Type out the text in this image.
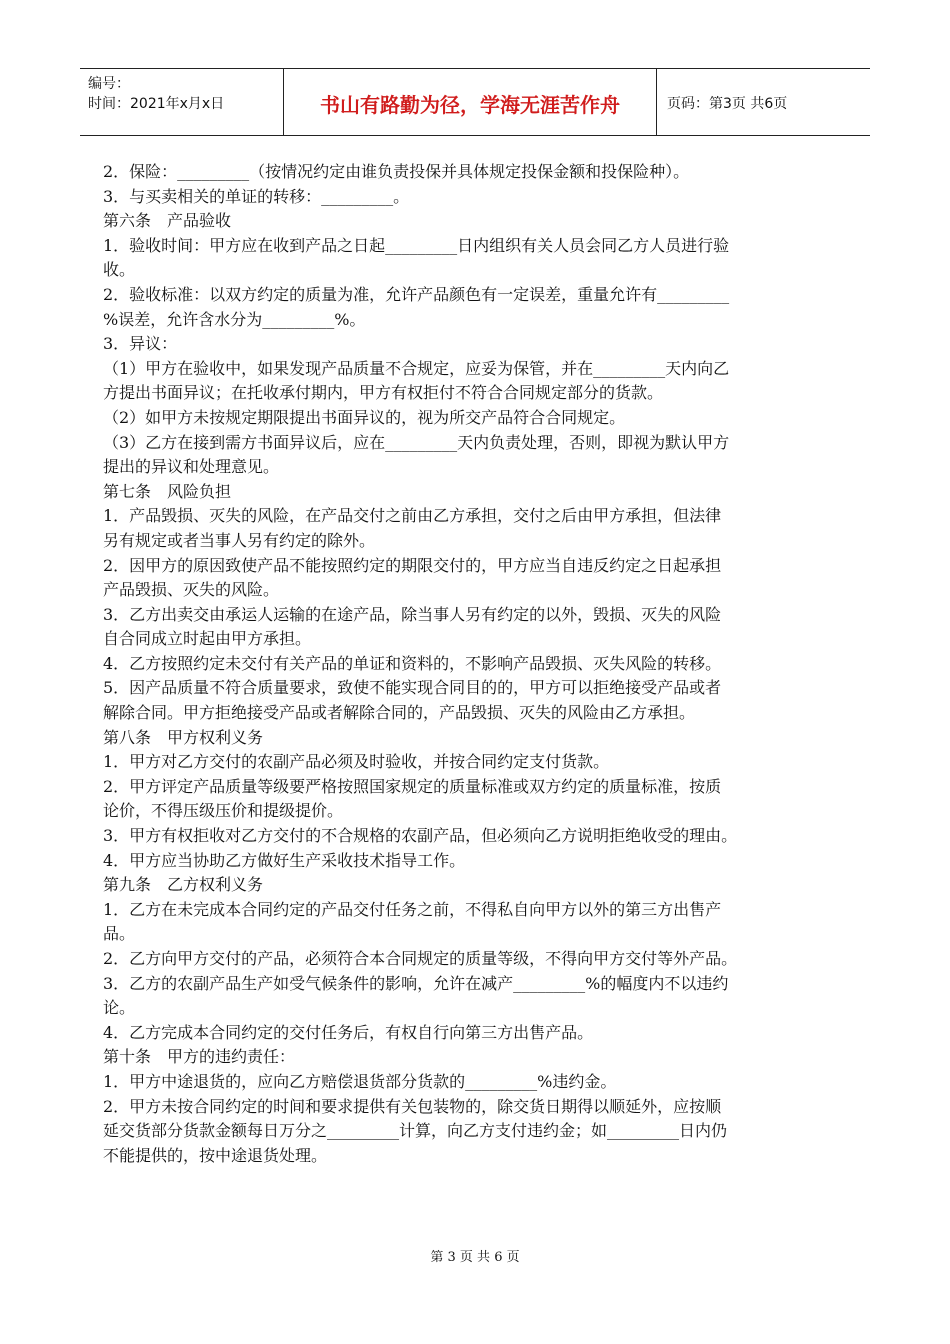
编号：
时间：2021年x月x日	书山有路勤为径，学海无涯苦作舟	页码：第3页 共6页
2．保险：_________（按情况约定由谁负责投保并具体规定投保金额和投保险种）。
3．与买卖相关的单证的转移：_________。
第六条　产品验收
1．验收时间：甲方应在收到产品之日起_________日内组织有关人员会同乙方人员进行验
收。
2．验收标准：以双方约定的质量为准，允许产品颜色有一定误差，重量允许有_________
%误差，允许含水分为_________%。
3．异议：
（1）甲方在验收中，如果发现产品质量不合规定，应妥为保管，并在_________天内向乙
方提出书面异议；在托收承付期内，甲方有权拒付不符合合同规定部分的货款。
（2）如甲方未按规定期限提出书面异议的，视为所交产品符合合同规定。
（3）乙方在接到需方书面异议后，应在_________天内负责处理，否则，即视为默认甲方
提出的异议和处理意见。
第七条　风险负担
1．产品毁损、灭失的风险，在产品交付之前由乙方承担，交付之后由甲方承担，但法律
另有规定或者当事人另有约定的除外。
2．因甲方的原因致使产品不能按照约定的期限交付的，甲方应当自违反约定之日起承担
产品毁损、灭失的风险。
3．乙方出卖交由承运人运输的在途产品，除当事人另有约定的以外，毁损、灭失的风险
自合同成立时起由甲方承担。
4．乙方按照约定未交付有关产品的单证和资料的，不影响产品毁损、灭失风险的转移。
5．因产品质量不符合质量要求，致使不能实现合同目的的，甲方可以拒绝接受产品或者
解除合同。甲方拒绝接受产品或者解除合同的，产品毁损、灭失的风险由乙方承担。
第八条　甲方权利义务
1．甲方对乙方交付的农副产品必须及时验收，并按合同约定支付货款。
2．甲方评定产品质量等级要严格按照国家规定的质量标准或双方约定的质量标准，按质
论价，不得压级压价和提级提价。
3．甲方有权拒收对乙方交付的不合规格的农副产品，但必须向乙方说明拒绝收受的理由。
4．甲方应当协助乙方做好生产采收技术指导工作。
第九条　乙方权利义务
1．乙方在未完成本合同约定的产品交付任务之前，不得私自向甲方以外的第三方出售产
品。
2．乙方向甲方交付的产品，必须符合本合同规定的质量等级，不得向甲方交付等外产品。
3．乙方的农副产品生产如受气候条件的影响，允许在减产_________%的幅度内不以违约
论。
4．乙方完成本合同约定的交付任务后，有权自行向第三方出售产品。
第十条　甲方的违约责任：
1．甲方中途退货的，应向乙方赔偿退货部分货款的_________%违约金。
2．甲方未按合同约定的时间和要求提供有关包装物的，除交货日期得以顺延外，应按顺
延交货部分货款金额每日万分之_________计算，向乙方支付违约金；如_________日内仍
不能提供的，按中途退货处理。
第 3 页 共 6 页
